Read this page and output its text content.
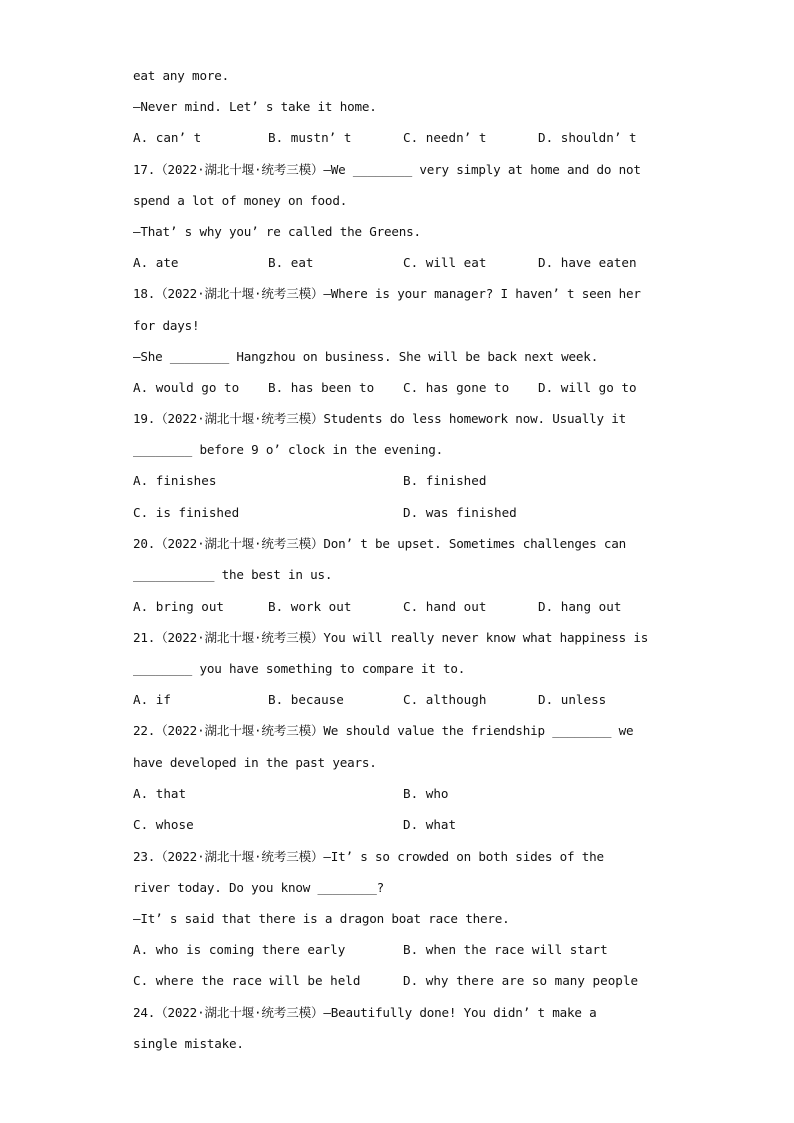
eat any more.
—Never mind. Let’ s take it home.
A. can’ t	B. mustn’ t	C. needn’ t	D. shouldn’ t
17.（2022·湖北十堰·统考三模）—We ________ very simply at home and do not
spend a lot of money on food.
—That’ s why you’ re called the Greens.
A. ate	B. eat	C. will eat	D. have eaten
18.（2022·湖北十堰·统考三模）—Where is your manager? I haven’ t seen her
for days!
—She ________ Hangzhou on business. She will be back next week.
A. would go to	B. has been to	C. has gone to	D. will go to
19.（2022·湖北十堰·统考三模）Students do less homework now. Usually it
________ before 9 o’ clock in the evening.
A. finishes	B. finished
C. is finished	D. was finished
20.（2022·湖北十堰·统考三模）Don’ t be upset. Sometimes challenges can
___________ the best in us.
A. bring out	B. work out	C. hand out	D. hang out
21.（2022·湖北十堰·统考三模）You will really never know what happiness is
________ you have something to compare it to.
A. if	B. because	C. although	D. unless
22.（2022·湖北十堰·统考三模）We should value the friendship ________ we
have developed in the past years.
A. that	B. who
C. whose	D. what
23.（2022·湖北十堰·统考三模）—It’ s so crowded on both sides of the
river today. Do you know ________?
—It’ s said that there is a dragon boat race there.
A. who is coming there early	B. when the race will start
C. where the race will be held	D. why there are so many people
24.（2022·湖北十堰·统考三模）—Beautifully done! You didn’ t make a
single mistake.
